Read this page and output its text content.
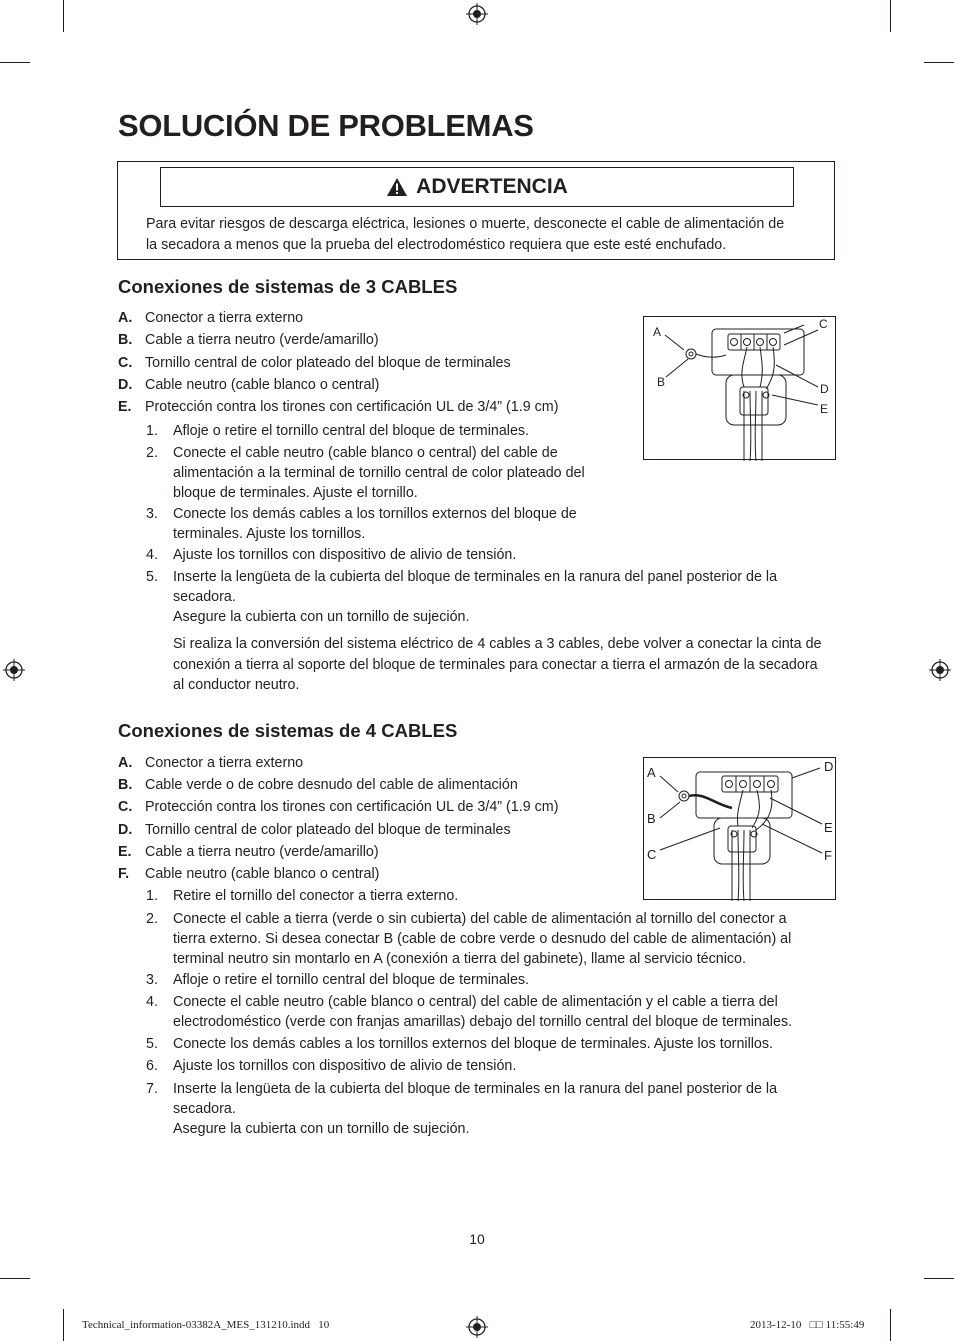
SOLUCIÓN DE PROBLEMAS
ADVERTENCIA
Para evitar riesgos de descarga eléctrica, lesiones o muerte, desconecte el cable de alimentación de
la secadora a menos que la prueba del electrodoméstico requiera que este esté enchufado.
Conexiones de sistemas de 3 CABLES
A. Conector a tierra externo
B. Cable a tierra neutro (verde/amarillo)
C. Tornillo central de color plateado del bloque de terminales
D. Cable neutro (cable blanco o central)
E. Protección contra los tirones con certificación UL de 3/4” (1.9 cm)
1. Afloje o retire el tornillo central del bloque de terminales.
2. Conecte el cable neutro (cable blanco o central) del cable de
alimentación a la terminal de tornillo central de color plateado del
bloque de terminales. Ajuste el tornillo.
3. Conecte los demás cables a los tornillos externos del bloque de
terminales. Ajuste los tornillos.
4. Ajuste los tornillos con dispositivo de alivio de tensión.
5. Inserte la lengüeta de la cubierta del bloque de terminales en la ranura del panel posterior de la
secadora.
Asegure la cubierta con un tornillo de sujeción.
Si realiza la conversión del sistema eléctrico de 4 cables a 3 cables, debe volver a conectar la cinta de
conexión a tierra al soporte del bloque de terminales para conectar a tierra el armazón de la secadora
al conductor neutro.
A
B
C
D
E
Conexiones de sistemas de 4 CABLES
A. Conector a tierra externo
B. Cable verde o de cobre desnudo del cable de alimentación
C. Protección contra los tirones con certificación UL de 3/4” (1.9 cm)
D. Tornillo central de color plateado del bloque de terminales
E. Cable a tierra neutro (verde/amarillo)
F. Cable neutro (cable blanco o central)
1. Retire el tornillo del conector a tierra externo.
2. Conecte el cable a tierra (verde o sin cubierta) del cable de alimentación al tornillo del conector a
tierra externo. Si desea conectar B (cable de cobre verde o desnudo del cable de alimentación) al
terminal neutro sin montarlo en A (conexión a tierra del gabinete), llame al servicio técnico.
3. Afloje o retire el tornillo central del bloque de terminales.
4. Conecte el cable neutro (cable blanco o central) del cable de alimentación y el cable a tierra del
electrodoméstico (verde con franjas amarillas) debajo del tornillo central del bloque de terminales.
5. Conecte los demás cables a los tornillos externos del bloque de terminales. Ajuste los tornillos.
6. Ajuste los tornillos con dispositivo de alivio de tensión.
7. Inserte la lengüeta de la cubierta del bloque de terminales en la ranura del panel posterior de la
secadora.
Asegure la cubierta con un tornillo de sujeción.
A
B
C
D
E
F
10
Technical_information-03382A_MES_131210.indd   10	2013-12-10   □□ 11:55:49
